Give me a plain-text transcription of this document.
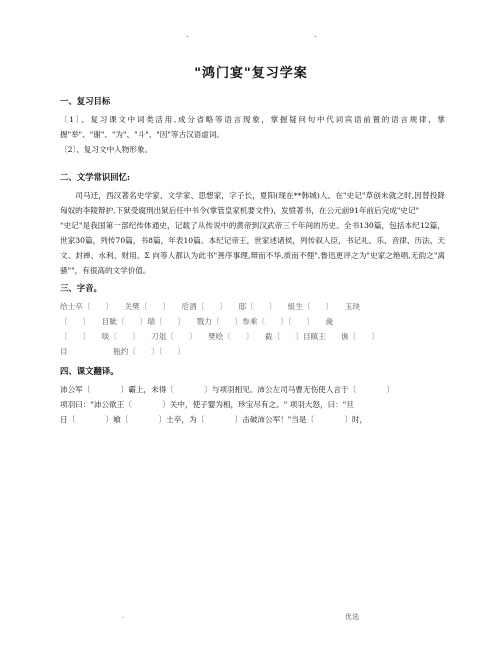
.	.
"鸿门宴"复习学案
一、复习目标

〔1〕、复习课文中词类活用,成分省略等语言现象，掌握疑问句中代词宾语前置的语言规律，掌握"举"、"谢"、"为"、"斗"、"因"等古汉语虚词。

〔2〕、复习文中人物形象。

二、文学常识回忆:

司马迁，西汉著名史学家、文学家、思想家，字子长，夏阳(现在**韩城)人。在"史记"草创未就之时,因替投降匈奴的李陵辩护,下狱受腐刑出狱后任中书令(掌管皇家机要文件)，发愤著书，在公元前91年前后完成"史记"

"史记"是我国第一部纪传体通史，记载了从传说中的黄帝到汉武帝三千年间的历史。全书130篇，包括本纪12篇，世家30篇，列传70篇，书8篇，年表10篇。本纪记帝王，世家述诸侯，列传叙人臣，书记礼、乐、音律、历法、天文、封禅、水利、财用。Σ 向等人都认为此书"善序事理,辩而不华,质而不俚",鲁迅更评之为"史家之绝唱,无韵之"离骚""，有很高的文学价值。

三、字音。

给士卒〔　　〕　　关樊〔　　〕　　卮酒〔　　〕　　邸〔　　〕　　組生〔　　〕　　玉玦

〔　　〕　　目眦〔　　〕瑞〔　　〕　　戮力〔　　〕参乘〔　　〕〔　　〕　　彘

〔　　〕　　啖〔　　〕　　刀俎〔　　〕　　樊哙〔　　〕　　截〔　　〕目瞋王　　谯〔　　〕

目　　　　　　瓶约〔　　〕〔　　〕

四、课文翻译。

沛公军〔　　　　〕霸上，未得〔　　　　〕与项羽相见。沛公左司马曹无伤使人言于〔　　　　〕

项羽曰："沛公欲王〔　　　　〕关中，使子婴为相，珍宝尽有之。" 项羽大怒，曰："旦

日〔　　　　〕飨〔　　　　〕士卒，为〔　　　　〕击破沛公军！"当是〔　　　　〕时，

.	优选
